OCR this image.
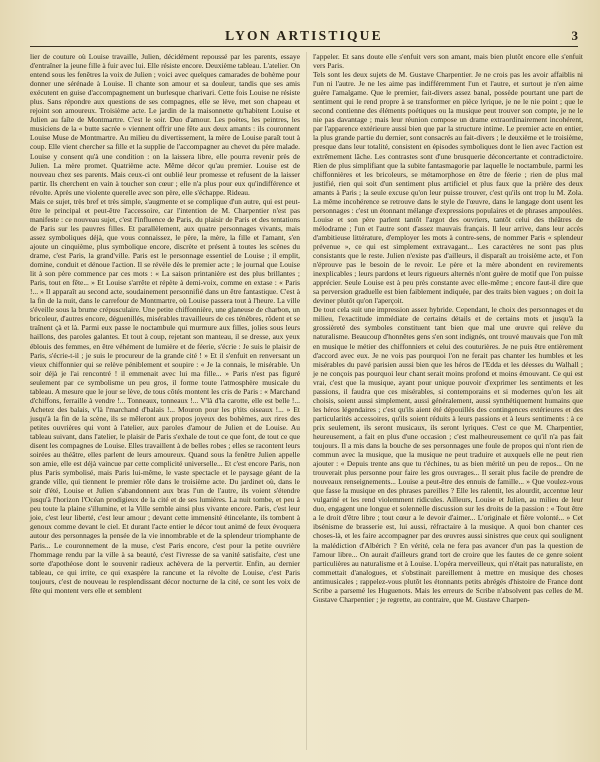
LYON ARTISTIQUE	3
lier de couture où Louise travaille, Julien, décidément repoussé par les parents, essaye d'entraîner la jeune fille à fuir avec lui. Elle résiste encore. Deuxième tableau. L'atelier. On entend sous les fenêtres la voix de Julien ; voici avec quelques camarades de bohème pour donner une sérénade à Louise. Il chante son amour et sa douleur, tandis que ses amis exécutent en guise d'accompagnement un burlesque charivari. Cette fois Louise ne résiste plus. Sans répondre aux questions de ses compagnes, elle se lève, met son chapeau et rejoint son amoureux. Troisième acte. Le jardin de la maisonnette qu'habitent Louise et Julien au faîte de Montmartre. C'est le soir. Duo d'amour. Les poètes, les peintres, les musiciens de la « butte sacrée » viennent offrir une fête aux deux amants : ils couronnent Louise Muse de Montmartre. Au milieu du divertissement, la mère de Louise paraît tout à coup. Elle vient chercher sa fille et la supplie de l'accompagner au chevet du père malade. Louise y consent qu'à une condition : on la laissera libre, elle pourra revenir près de Julien. La mère promet. Quatrième acte. Même décor qu'au premier. Louise est de nouveau chez ses parents. Mais ceux-ci ont oublié leur promesse et refusent de la laisser partir. Ils cherchent en vain à toucher son cœur ; elle n'a plus pour eux qu'indifférence et révolte. Après une violente querelle avec son père, elle s'échappe. Rideau.
Mais ce sujet, très bref et très simple, s'augmente et se complique d'un autre, qui est peut-être le principal et peut-être l'accessoire, car l'intention de M. Charpentier n'est pas manifeste : ce nouveau sujet, c'est l'influence de Paris, du plaisir de Paris et des tentations de Paris sur les pauvres filles. Et parallèlement, aux quatre personnages vivants, mais assez symboliques déjà, que vous connaissez, le père, la mère, la fille et l'amant, s'en ajoute un cinquième, plus symbolique encore, discrète et présent à toutes les scènes du drame, c'est Paris, la grand'ville. Paris est le personnage essentiel de Louise ; il emplit, domine, conduit et dénoue l'action. Il se révèle dès le premier acte ; le journal que Louise lit à son père commence par ces mots : « La saison printanière est des plus brillantes ; Paris, tout en fête... » Et Louise s'arrête et répète à demi-voix, comme en extase : « Paris !... » Il apparaît au second acte, soudainement personnifié dans un être fantastique. C'est à la fin de la nuit, dans le carrefour de Montmartre, où Louise passera tout à l'heure. La ville s'éveille sous la brume crépusculaire. Une petite chiffonnière, une glaneuse de charbon, un bricoleur, d'autres encore, déguenillés, misérables travailleurs de ces ténèbres, rôdent et se traînent çà et là. Parmi eux passe le noctambule qui murmure aux filles, jolies sous leurs haillons, des paroles galantes. Et tout à coup, rejetant son manteau, il se dresse, aux yeux éblouis des femmes, en être véhément de lumière et de féerie, s'écrie : Je suis le plaisir de Paris, s'écrie-t-il ; je suis le procureur de la grande cité ! » Et il s'enfuit en renversant un vieux chiffonnier qui se relève péniblement et soupire : « Je la connais, le misérable. Un soir déjà je l'ai rencontré ! il emmenait avec lui ma fille... » Paris n'est pas figuré seulement par ce symbolisme un peu gros, il forme toute l'atmosphère musicale du tableau. A mesure que le jour se lève, de tous côtés montent les cris de Paris : « Marchand d'chiffons, ferraille à vendre !... Tonneaux, tonneaux !... V'là d'la carotte, elle est belle !... Achetez des balais, v'là l'marchand d'balais !... Mouron pour les p'tits oiseaux !... » Et jusqu'à la fin de la scène, ils se mêleront aux propos joyeux des bohèmes, aux rires des petites ouvrières qui vont à l'atelier, aux paroles d'amour de Julien et de Louise. Au tableau suivant, dans l'atelier, le plaisir de Paris s'exhale de tout ce que font, de tout ce que disent les compagnes de Louise. Elles travaillent à de belles robes ; elles se racontent leurs soirées au théâtre, elles parlent de leurs amoureux. Quand sous la fenêtre Julien appelle son amie, elle est déjà vaincue par cette complicité universelle... Et c'est encore Paris, non plus Paris symbolisé, mais Paris lui-même, le vaste spectacle et le paysage géant de la grande ville, qui tiennent le premier rôle dans le troisième acte. Du jardinet où, dans le soir d'été, Louise et Julien s'abandonnent aux bras l'un de l'autre, ils voient s'étendre jusqu'à l'horizon l'Océan prodigieux de la cité et de ses lumières. La nuit tombe, et peu à peu toute la plaine s'illumine, et la Ville semble ainsi plus vivante encore. Paris, c'est leur joie, c'est leur liberté, c'est leur amour ; devant cette immensité étincelante, ils tombent à genoux comme devant le ciel. Et durant l'acte entier le décor tout animé de feux évoquera autour des personnages la pensée de la vie innombrable et de la splendeur triomphante de Paris... Le couronnement de la muse, c'est Paris encore, c'est pour la petite ouvrière l'hommage rendu par la ville à sa beauté, c'est l'ivresse de sa vanité satisfaite, c'est une sorte d'apothéose dont le souvenir radieux achèvera de la pervertir. Enfin, au dernier tableau, ce qui irrite, ce qui exaspère la rancune et la révolte de Louise, c'est Paris toujours, c'est de nouveau le resplendissant décor nocturne de la cité, ce sont les voix de fête qui montent vers elle et semblent
l'appeler. Et sans doute elle s'enfuit vers son amant, mais bien plutôt encore elle s'enfuit vers Paris.
Tels sont les deux sujets de M. Gustave Charpentier. Je ne crois pas les avoir affaiblis ni l'un ni l'autre. Je ne les aime pas indifféremment l'un et l'autre, et surtout je n'en aime guère l'amalgame. Que le premier, fait-divers assez banal, possède pourtant une part de sentiment qui le rend propre à se transformer en pièce lyrique, je ne le nie point ; que le second contienne des éléments poétiques ou la musique peut trouver son compte, je ne le nie pas davantage ; mais leur réunion compose un drame extraordinairement incohérent, par l'apparence extérieure aussi bien que par la structure intime. Le premier acte en entier, la plus grande partie du dernier, sont consacrés au fait-divers ; le deuxième et le troisième, presque dans leur totalité, consistent en épisodes symboliques dont le lien avec l'action est extrêmement lâche. Les contrastes sont d'une brusquerie déconcertante et contradictoire. Rien de plus simplifiant que la subite fantasmagorie par laquelle le noctambule, parmi les chiffonnières et les bricoleurs, se métamorphose en être de féerie ; rien de plus mal justifié, rien qui soit d'un sentiment plus artificiel et plus faux que la prière des deux amants à Paris ; la seule excuse qu'on leur puisse trouver, c'est qu'ils ont trop lu M. Zola. La même incohérence se retrouve dans le style de l'œuvre, dans le langage dont usent les personnages : c'est un étonnant mélange d'expressions populaires et de phrases ampoulées. Louise et son père parlent tantôt l'argot des ouvriers, tantôt celui des théâtres de mélodrame ; l'un et l'autre sont d'assez mauvais français. Il leur arrive, dans leur accès d'ambitieuse littérature, d'employer les mots à contre-sens, de nommer Paris « splendeur prévenue », ce qui est simplement extravagant... Les caractères ne sont pas plus consistants que le reste. Julien n'existe pas d'ailleurs, il disparaît au troisième acte, et l'on n'éprouve pas le besoin de le revoir. Le père et la mère abondent en revirements inexplicables ; leurs pardons et leurs rigueurs alternés n'ont guère de motif que l'on puisse apprécier. Seule Louise est à peu près constante avec elle-même ; encore faut-il dire que sa perversion graduelle est bien faiblement indiquée, par des traits bien vagues ; on doit la deviner plutôt qu'on l'aperçoit.
De tout cela suit une impression assez hybride. Cependant, le choix des personnages et du milieu, l'exactitude immédiate de certains détails et de certains mots et jusqu'à la grossièreté des symboles constituent tant bien que mal une œuvre qui relève du naturalisme. Beaucoup d'honnêtes gens s'en sont indignés, ont trouvé mauvais que l'on mît en musique le métier des chiffonniers et celui des couturières. Je ne puis être entièrement d'accord avec eux. Je ne vois pas pourquoi l'on ne ferait pas chanter les humbles et les misérables du pavé parisien aussi bien que les héros de l'Edda et les déesses du Walhall ; je ne conçois pas pourquoi leur chant serait moins profond et moins émouvant. Ce qui est vrai, c'est que la musique, ayant pour unique pouvoir d'exprimer les sentiments et les passions, il faudra que ces misérables, si contemporains et si modernes qu'on les ait choisis, soient aussi simplement, aussi généralement, aussi synthétiquement humains que les héros légendaires ; c'est qu'ils aient été dépouillés des contingences extérieures et des particularités accessoires, qu'ils soient réduits à leurs passions et à leurs sentiments : à ce prix seulement, ils seront musicaux, ils seront lyriques. C'est ce que M. Charpentier, heureusement, a fait en plus d'une occasion ; c'est malheureusement ce qu'il n'a pas fait toujours. Il a mis dans la bouche de ses personnages une foule de propos qui n'ont rien de commun avec la musique, que la musique ne peut traduire et auxquels elle ne peut rien ajouter : « Depuis trente ans que tu t'échines, tu as bien mérité un peu de repos... On ne trouverait plus personne pour faire les gros ouvrages... Il serait plus facile de prendre de nouveaux renseignements... Louise a peut-être des ennuis de famille... » Que voulez-vous que fasse la musique en des phrases pareilles ? Elle les ralentit, les alourdit, accentue leur vulgarité et les rend violemment ridicules. Ailleurs, Louise et Julien, au milieu de leur duo, engagent une longue et solennelle discussion sur les droits de la passion : « Tout être a le droit d'être libre ; tout cœur a le devoir d'aimer... L'originale et fière volonté... » Cet ibsénisme de brasserie est, lui aussi, réfractaire à la musique. A quoi bon chanter ces choses-là, et les faire accompagner par des œuvres aussi sinistres que ceux qui soulignent la malédiction d'Albérich ? En vérité, cela ne fera pas avancer d'un pas la question de l'amour libre... On aurait d'ailleurs grand tort de croire que les fautes de ce genre soient particulières au naturalisme et à Louise. L'opéra merveilleux, qui n'était pas naturaliste, en commettait d'analogues, et s'obstinait pareillement à mettre en musique des choses antimusicales ; rappelez-vous plutôt les étonnants petits abrégés d'histoire de France dont Scribe a parsemé les Huguenots. Mais les erreurs de Scribe n'absolvent pas celles de M. Gustave Charpentier ; je regrette, au contraire, que M. Gustave Charpen-
